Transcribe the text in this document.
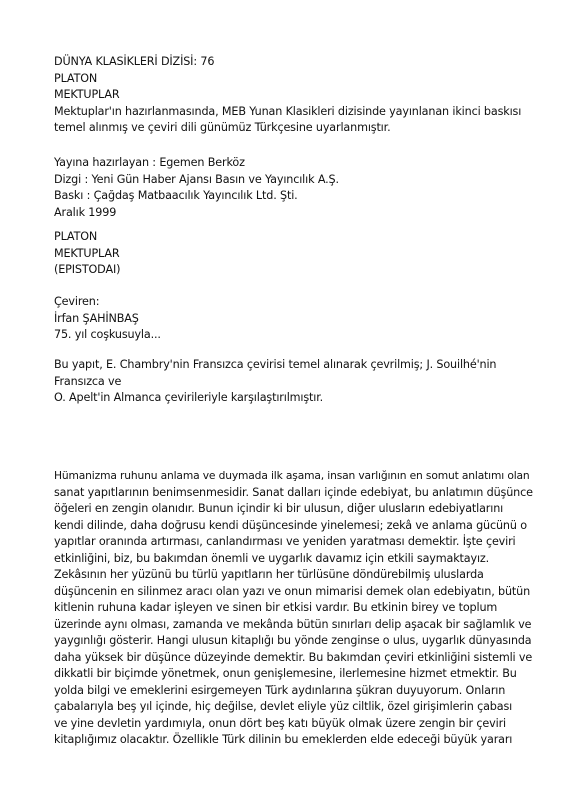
DÜNYA KLASİKLERİ DİZİSİ: 76
PLATON
MEKTUPLAR
Mektuplar'ın hazırlanmasında, MEB Yunan Klasikleri dizisinde yayınlanan ikinci baskısı
temel alınmış ve çeviri dili günümüz Türkçesine uyarlanmıştır.
Yayına hazırlayan : Egemen Berköz
Dizgi : Yeni Gün Haber Ajansı Basın ve Yayıncılık A.Ş.
Baskı : Çağdaş Matbaacılık Yayıncılık Ltd. Şti.
Aralık 1999
PLATON
MEKTUPLAR
(EPISTODAI)
Çeviren:
İrfan ŞAHİNBAŞ
75. yıl coşkusuyla...
Bu yapıt, E. Chambry'nin Fransızca çevirisi temel alınarak çevrilmiş; J. Souilhé'nin
Fransızca ve
O. Apelt'in Almanca çevirileriyle karşılaştırılmıştır.
Hümanizma ruhunu anlama ve duymada ilk aşama, insan varlığının en somut anlatımı olan
sanat yapıtlarının benimsenmesidir. Sanat dalları içinde edebiyat, bu anlatımın düşünce
öğeleri en zengin olanıdır. Bunun içindir ki bir ulusun, diğer ulusların edebiyatlarını
kendi dilinde, daha doğrusu kendi düşüncesinde yinelemesi; zekâ ve anlama gücünü o
yapıtlar oranında artırması, canlandırması ve yeniden yaratması demektir. İşte çeviri
etkinliğini, biz, bu bakımdan önemli ve uygarlık davamız için etkili saymaktayız.
Zekâsının her yüzünü bu türlü yapıtların her türlüsüne döndürebilmiş uluslarda
düşüncenin en silinmez aracı olan yazı ve onun mimarisi demek olan edebiyatın, bütün
kitlenin ruhuna kadar işleyen ve sinen bir etkisi vardır. Bu etkinin birey ve toplum
üzerinde aynı olması, zamanda ve mekânda bütün sınırları delip aşacak bir sağlamlık ve
yaygınlığı gösterir. Hangi ulusun kitaplığı bu yönde zenginse o ulus, uygarlık dünyasında
daha yüksek bir düşünce düzeyinde demektir. Bu bakımdan çeviri etkinliğini sistemli ve
dikkatli bir biçimde yönetmek, onun genişlemesine, ilerlemesine hizmet etmektir. Bu
yolda bilgi ve emeklerini esirgemeyen Türk aydınlarına şükran duyuyorum. Onların
çabalarıyla beş yıl içinde, hiç değilse, devlet eliyle yüz ciltlik, özel girişimlerin çabası
ve yine devletin yardımıyla, onun dört beş katı büyük olmak üzere zengin bir çeviri
kitaplığımız olacaktır. Özellikle Türk dilinin bu emeklerden elde edeceği büyük yararı
